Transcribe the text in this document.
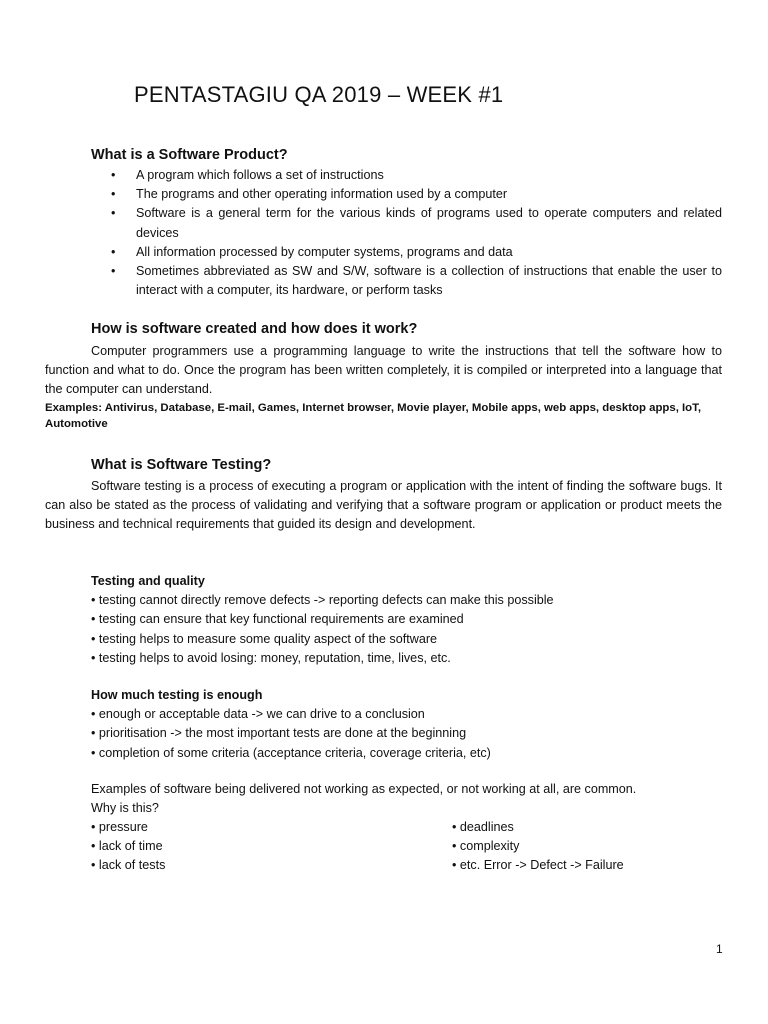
PENTASTAGIU QA 2019 – WEEK #1
What is a Software Product?
• A program which follows a set of instructions
• The programs and other operating information used by a computer
• Software is a general term for the various kinds of programs used to operate computers and related devices
• All information processed by computer systems, programs and data
• Sometimes abbreviated as SW and S/W, software is a collection of instructions that enable the user to interact with a computer, its hardware, or perform tasks
How is software created and how does it work?
Computer programmers use a programming language to write the instructions that tell the software how to function and what to do. Once the program has been written completely, it is compiled or interpreted into a language that the computer can understand.
Examples: Antivirus, Database, E-mail, Games, Internet browser, Movie player, Mobile apps, web apps, desktop apps, IoT, Automotive
What is Software Testing?
Software testing is a process of executing a program or application with the intent of finding the software bugs. It can also be stated as the process of validating and verifying that a software program or application or product meets the business and technical requirements that guided its design and development.
Testing and quality
• testing cannot directly remove defects -> reporting defects can make this possible
• testing can ensure that key functional requirements are examined
• testing helps to measure some quality aspect of the software
• testing helps to avoid losing: money, reputation, time, lives, etc.
How much testing is enough
• enough or acceptable data -> we can drive to a conclusion
• prioritisation -> the most important tests are done at the beginning
• completion of some criteria (acceptance criteria, coverage criteria, etc)
Examples of software being delivered not working as expected, or not working at all, are common.
Why is this?
• pressure	• deadlines
• lack of time	• complexity
• lack of tests	• etc. Error -> Defect -> Failure
1
